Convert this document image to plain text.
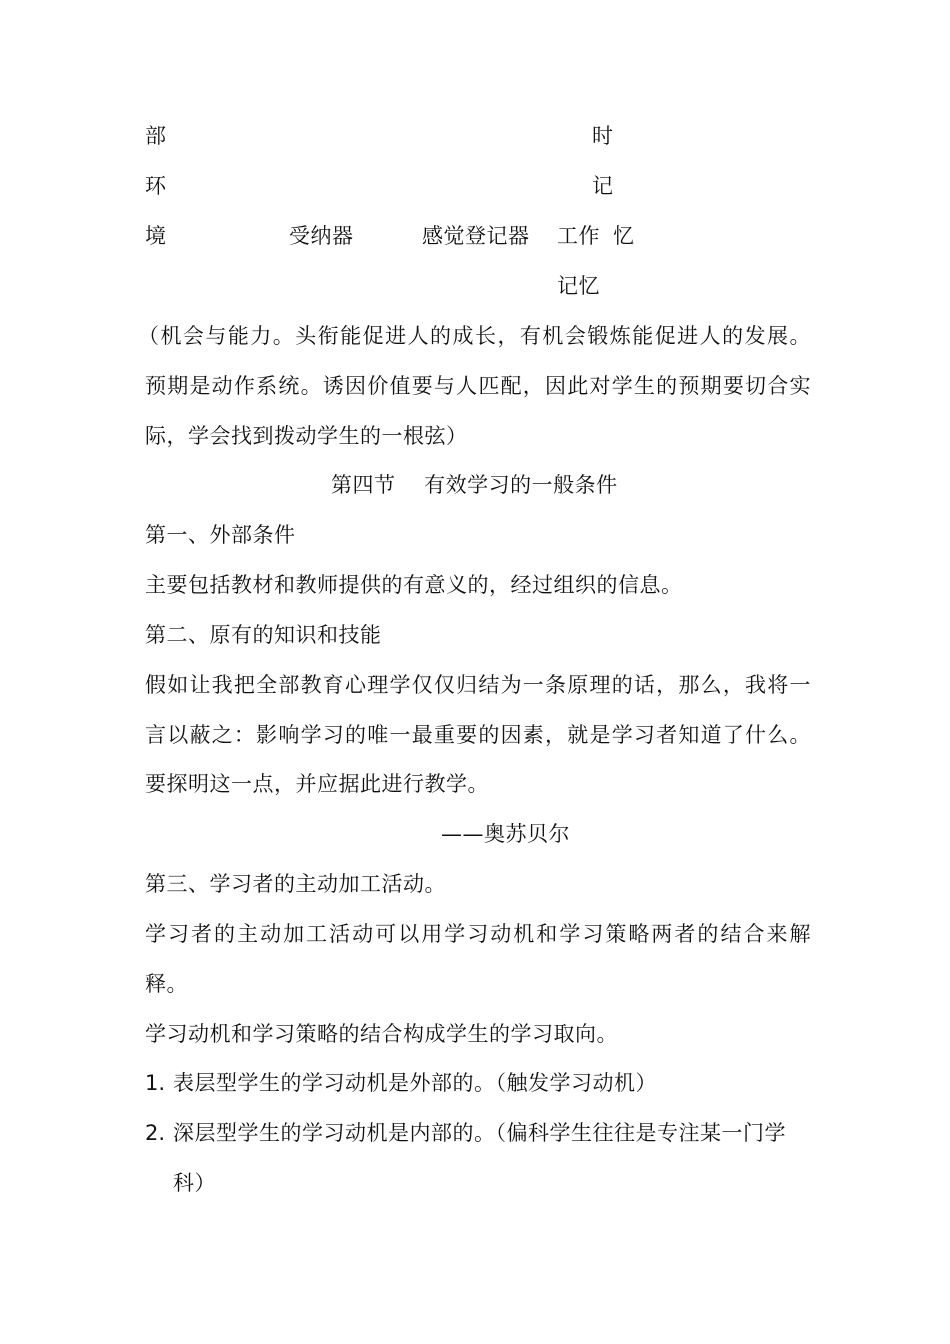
部
环
境	受纳器	感觉登记器 工作
记忆
时
记
忆
（机会与能力。头衔能促进人的成长，有机会锻炼能促进人的发展。
预期是动作系统。诱因价值要与人匹配，因此对学生的预期要切合实
际，学会找到拨动学生的一根弦）
第四节　 有效学习的一般条件
第一、外部条件
主要包括教材和教师提供的有意义的，经过组织的信息。
第二、原有的知识和技能
假如让我把全部教育心理学仅仅归结为一条原理的话，那么，我将一
言以蔽之：影响学习的唯一最重要的因素，就是学习者知道了什么。
要探明这一点，并应据此进行教学。
——奥苏贝尔
第三、学习者的主动加工活动。
学习者的主动加工活动可以用学习动机和学习策略两者的结合来解
释。
学习动机和学习策略的结合构成学生的学习取向。
1. 表层型学生的学习动机是外部的。（触发学习动机）
2. 深层型学生的学习动机是内部的。（偏科学生往往是专注某一门学
科）
